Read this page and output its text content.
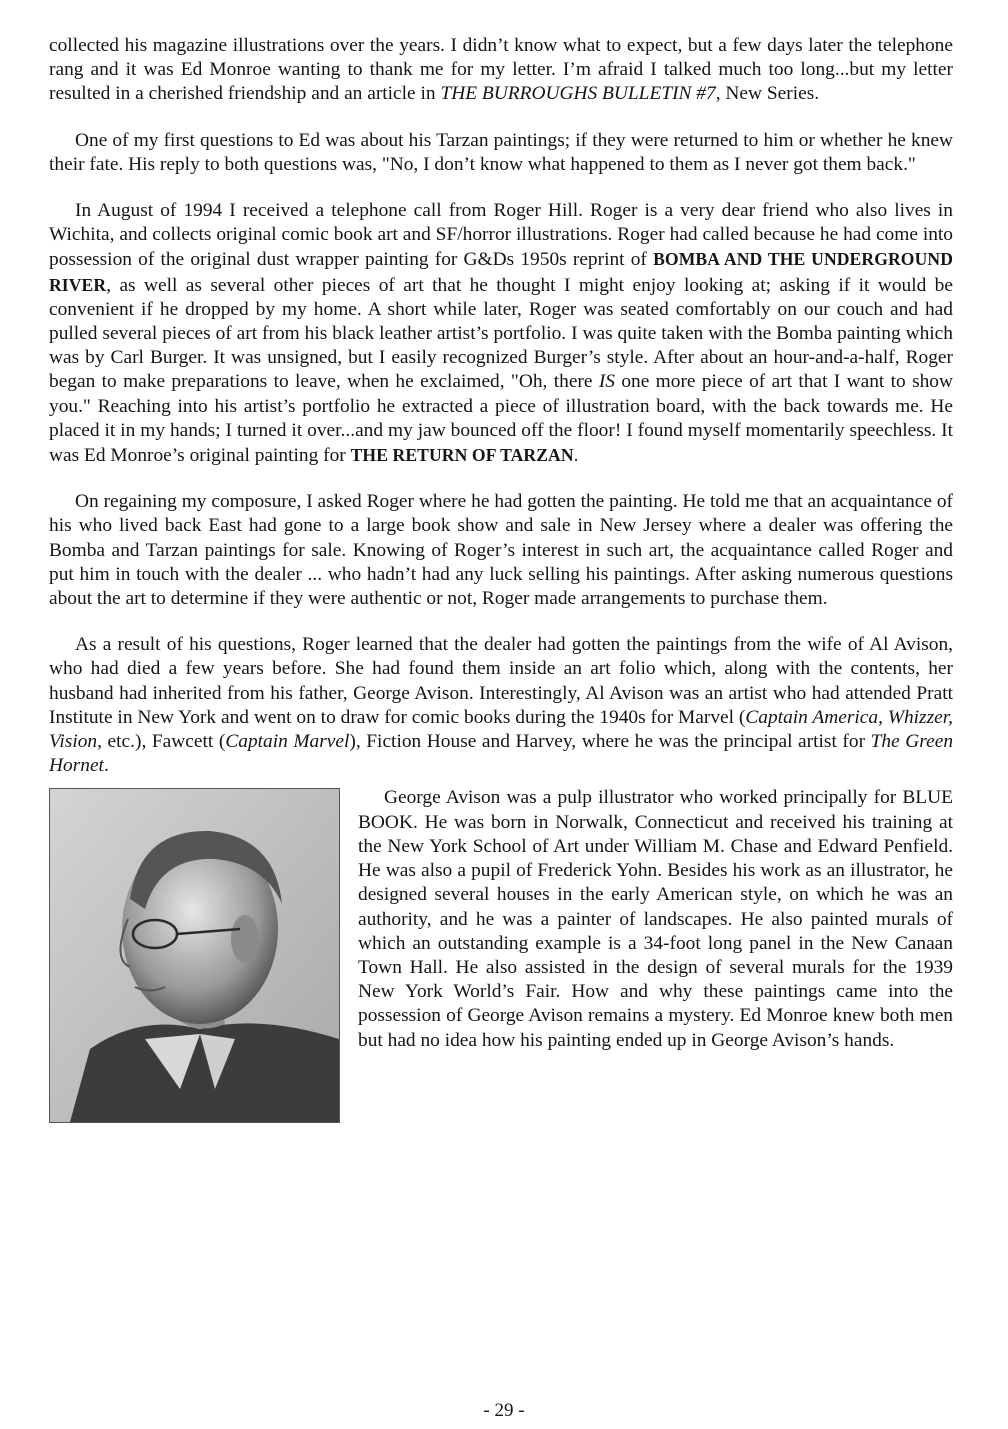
collected his magazine illustrations over the years. I didn’t know what to expect, but a few days later the telephone rang and it was Ed Monroe wanting to thank me for my letter. I’m afraid I talked much too long...but my letter resulted in a cherished friendship and an article in THE BURROUGHS BULLETIN #7, New Series.

One of my first questions to Ed was about his Tarzan paintings; if they were returned to him or whether he knew their fate. His reply to both questions was, "No, I don’t know what happened to them as I never got them back."

In August of 1994 I received a telephone call from Roger Hill. Roger is a very dear friend who also lives in Wichita, and collects original comic book art and SF/horror illustrations. Roger had called because he had come into possession of the original dust wrapper painting for G&Ds 1950s reprint of BOMBA AND THE UNDERGROUND RIVER, as well as several other pieces of art that he thought I might enjoy looking at; asking if it would be convenient if he dropped by my home. A short while later, Roger was seated comfortably on our couch and had pulled several pieces of art from his black leather artist’s portfolio. I was quite taken with the Bomba painting which was by Carl Burger. It was unsigned, but I easily recognized Burger’s style. After about an hour-and-a-half, Roger began to make preparations to leave, when he exclaimed, "Oh, there IS one more piece of art that I want to show you." Reaching into his artist’s portfolio he extracted a piece of illustration board, with the back towards me. He placed it in my hands; I turned it over...and my jaw bounced off the floor! I found myself momentarily speechless. It was Ed Monroe’s original painting for THE RETURN OF TARZAN.

On regaining my composure, I asked Roger where he had gotten the painting. He told me that an acquaintance of his who lived back East had gone to a large book show and sale in New Jersey where a dealer was offering the Bomba and Tarzan paintings for sale. Knowing of Roger’s interest in such art, the acquaintance called Roger and put him in touch with the dealer ... who hadn’t had any luck selling his paintings. After asking numerous questions about the art to determine if they were authentic or not, Roger made arrangements to purchase them.

As a result of his questions, Roger learned that the dealer had gotten the paintings from the wife of Al Avison, who had died a few years before. She had found them inside an art folio which, along with the contents, her husband had inherited from his father, George Avison. Interestingly, Al Avison was an artist who had attended Pratt Institute in New York and went on to draw for comic books during the 1940s for Marvel (Captain America, Whizzer, Vision, etc.), Fawcett (Captain Marvel), Fiction House and Harvey, where he was the principal artist for The Green Hornet.

George Avison was a pulp illustrator who worked principally for BLUE BOOK. He was born in Norwalk, Connecticut and received his training at the New York School of Art under William M. Chase and Edward Penfield. He was also a pupil of Frederick Yohn. Besides his work as an illustrator, he designed several houses in the early American style, on which he was an authority, and he was a painter of landscapes. He also painted murals of which an outstanding example is a 34-foot long panel in the New Canaan Town Hall. He also assisted in the design of several murals for the 1939 New York World’s Fair. How and why these paintings came into the possession of George Avison remains a mystery. Ed Monroe knew both men but had no idea how his painting ended up in George Avison’s hands.

- 29 -
